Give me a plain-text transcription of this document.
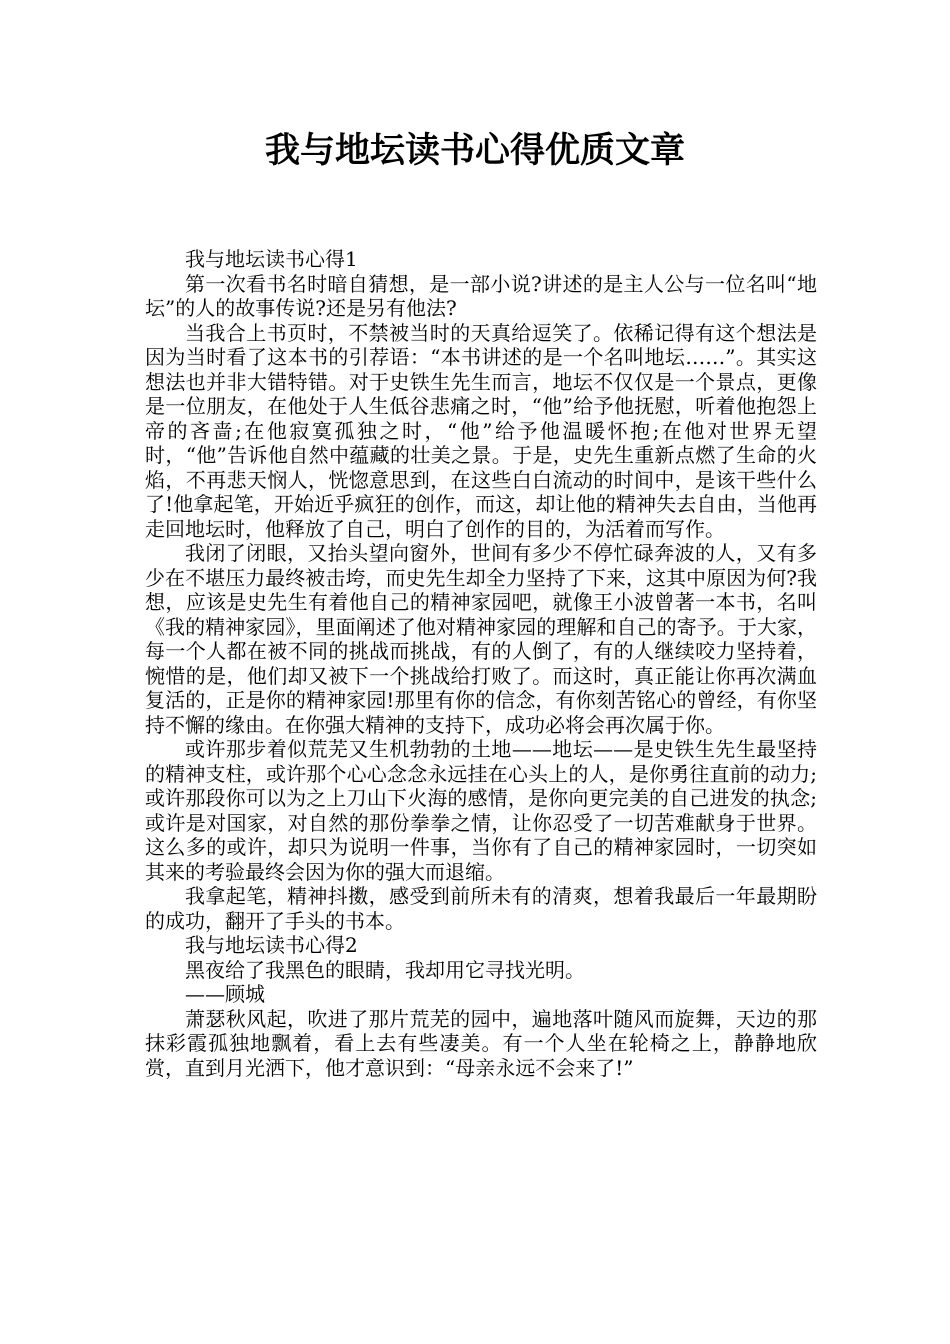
我与地坛读书心得优质文章

我与地坛读书心得1

第一次看书名时暗自猜想，是一部小说?讲述的是主人公与一位名叫“地坛”的人的故事传说?还是另有他法?

当我合上书页时，不禁被当时的天真给逗笑了。依稀记得有这个想法是因为当时看了这本书的引荐语：“本书讲述的是一个名叫地坛……”。其实这想法也并非大错特错。对于史铁生先生而言，地坛不仅仅是一个景点，更像是一位朋友，在他处于人生低谷悲痛之时，“他”给予他抚慰，听着他抱怨上帝的吝啬;在他寂寞孤独之时，“他”给予他温暖怀抱;在他对世界无望时，“他”告诉他自然中蕴藏的壮美之景。于是，史先生重新点燃了生命的火焰，不再悲天悯人，恍惚意思到，在这些白白流动的时间中，是该干些什么了!他拿起笔，开始近乎疯狂的创作，而这，却让他的精神失去自由，当他再走回地坛时，他释放了自己，明白了创作的目的，为活着而写作。

我闭了闭眼，又抬头望向窗外，世间有多少不停忙碌奔波的人，又有多少在不堪压力最终被击垮，而史先生却全力坚持了下来，这其中原因为何?我想，应该是史先生有着他自己的精神家园吧，就像王小波曾著一本书，名叫《我的精神家园》，里面阐述了他对精神家园的理解和自己的寄予。于大家，每一个人都在被不同的挑战而挑战，有的人倒了，有的人继续咬力坚持着，惋惜的是，他们却又被下一个挑战给打败了。而这时，真正能让你再次满血复活的，正是你的精神家园!那里有你的信念，有你刻苦铭心的曾经，有你坚持不懈的缘由。在你强大精神的支持下，成功必将会再次属于你。

或许那步着似荒芜又生机勃勃的土地——地坛——是史铁生先生最坚持的精神支柱，或许那个心心念念永远挂在心头上的人，是你勇往直前的动力;或许那段你可以为之上刀山下火海的感情，是你向更完美的自己进发的执念;或许是对国家，对自然的那份拳拳之情，让你忍受了一切苦难献身于世界。这么多的或许，却只为说明一件事，当你有了自己的精神家园时，一切突如其来的考验最终会因为你的强大而退缩。

我拿起笔，精神抖擞，感受到前所未有的清爽，想着我最后一年最期盼的成功，翻开了手头的书本。

我与地坛读书心得2

黑夜给了我黑色的眼睛，我却用它寻找光明。

——顾城

萧瑟秋风起，吹进了那片荒芜的园中，遍地落叶随风而旋舞，天边的那抹彩霞孤独地飘着，看上去有些凄美。有一个人坐在轮椅之上，静静地欣赏，直到月光洒下，他才意识到：“母亲永远不会来了!”
